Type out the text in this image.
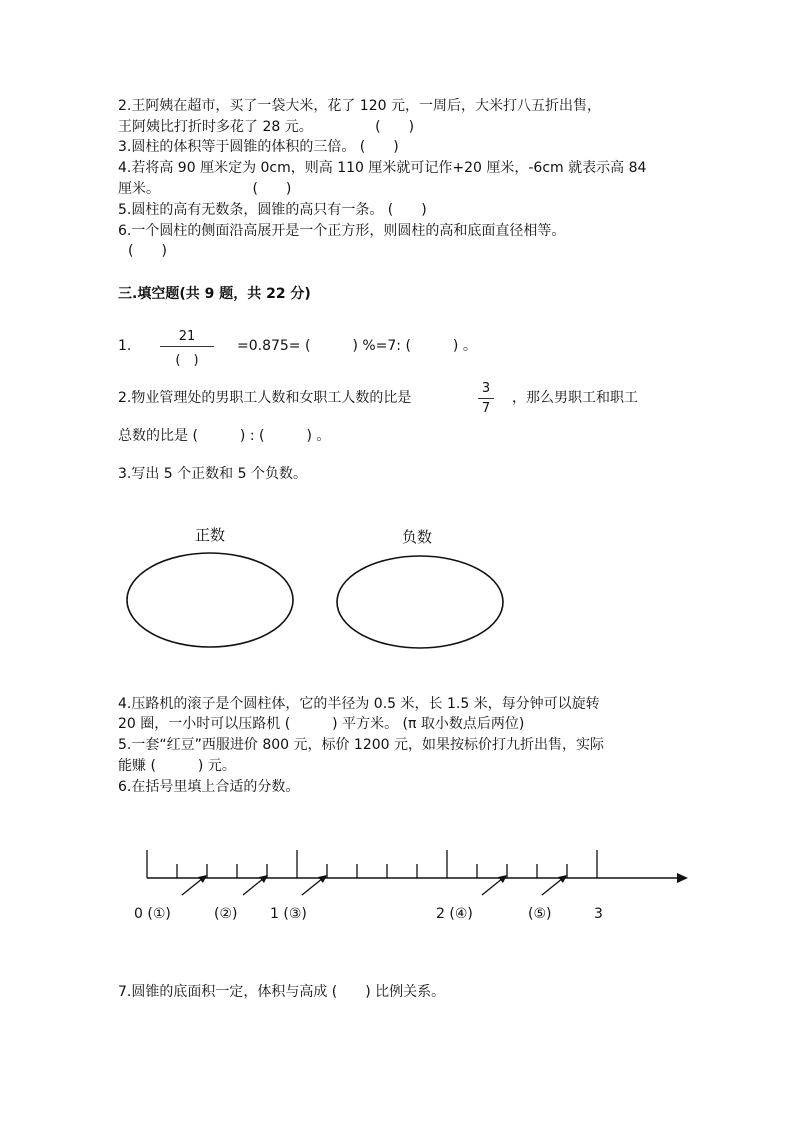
2.王阿姨在超市，买了一袋大米，花了 120 元，一周后，大米打八五折出售，
王阿姨比打折时多花了 28 元。	(　　)
3.圆柱的体积等于圆锥的体积的三倍。 (　　)
4.若将高 90 厘米定为 0cm，则高 110 厘米就可记作+20 厘米，-6cm 就表示高 84
厘米。	(　　)
5.圆柱的高有无数条，圆锥的高只有一条。 (　　)
6.一个圆柱的侧面沿高展开是一个正方形，则圆柱的高和底面直径相等。
(　　)
三.填空题(共 9 题，共 22 分)
1.
21
(　)
=0.875= (　　　) %=7: (　　　) 。
2.物业管理处的男职工人数和女职工人数的比是
3
7
，那么男职工和职工
总数的比是 (　　　) : (　　　) 。
3.写出 5 个正数和 5 个负数。
4.压路机的滚子是个圆柱体，它的半径为 0.5 米，长 1.5 米，每分钟可以旋转
20 圈，一小时可以压路机 (　　　) 平方米。 (π 取小数点后两位)
5.一套“红豆”西服进价 800 元，标价 1200 元，如果按标价打九折出售，实际
能赚 (　　　) 元。
6.在括号里填上合适的分数。
7.圆锥的底面积一定，体积与高成 (　　) 比例关系。
正数	负数
0 (①)	(②) 1 (③)	2 (④)	(⑤)	3
